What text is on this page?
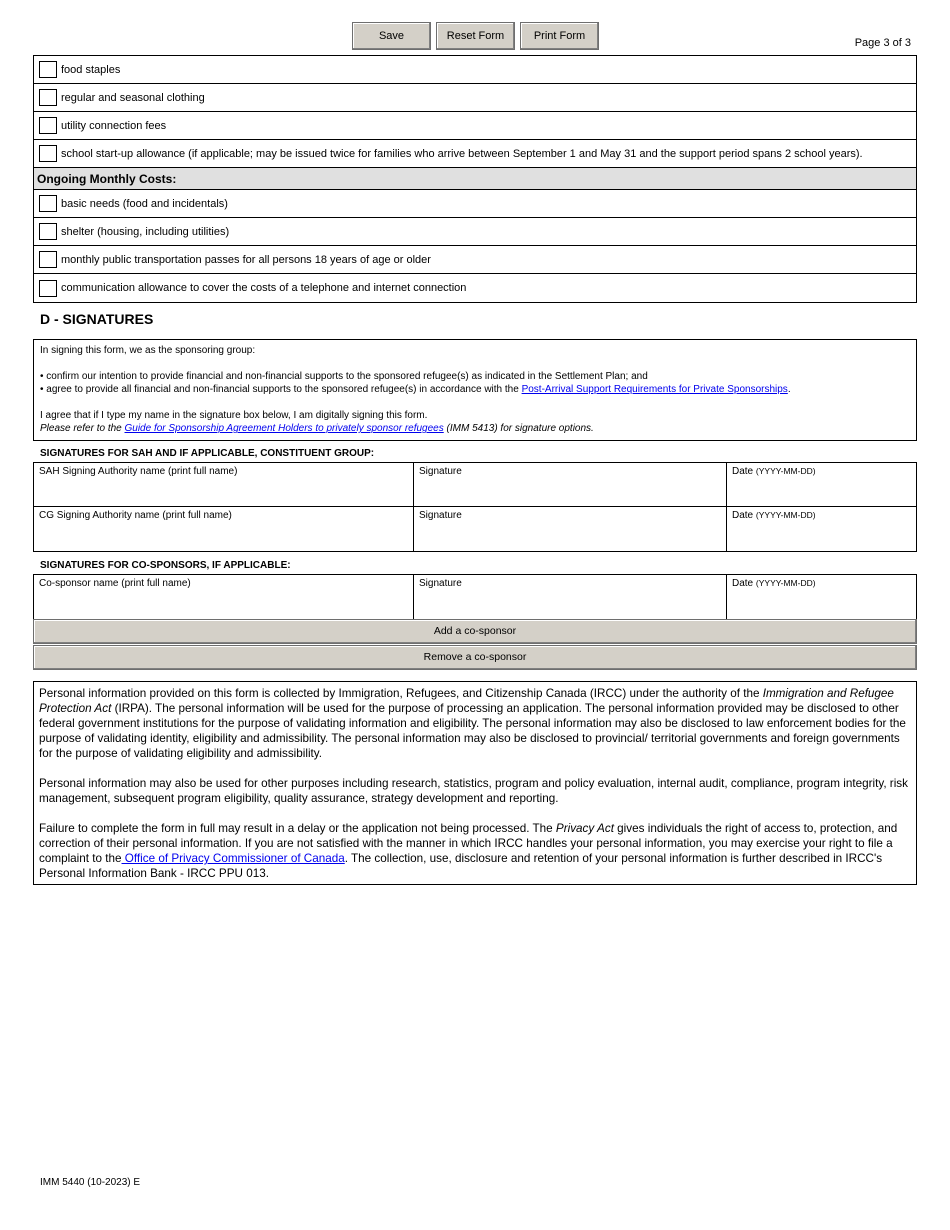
Save	Reset Form	Print Form
Page 3 of 3
food staples
regular and seasonal clothing
utility connection fees
school start-up allowance (if applicable; may be issued twice for families who arrive between September 1 and May 31 and the support period spans 2 school years).
Ongoing Monthly Costs:
basic needs (food and incidentals)
shelter (housing, including utilities)
monthly public transportation passes for all persons 18 years of age or older
communication allowance to cover the costs of a telephone and internet connection
D - SIGNATURES
In signing this form, we as the sponsoring group:
• confirm our intention to provide financial and non-financial supports to the sponsored refugee(s) as indicated in the Settlement Plan; and
• agree to provide all financial and non-financial supports to the sponsored refugee(s) in accordance with the Post-Arrival Support Requirements for Private Sponsorships.
I agree that if I type my name in the signature box below, I am digitally signing this form.
Please refer to the Guide for Sponsorship Agreement Holders to privately sponsor refugees (IMM 5413) for signature options.
SIGNATURES FOR SAH AND IF APPLICABLE, CONSTITUENT GROUP:
SAH Signing Authority name (print full name)	Signature	Date (YYYY-MM-DD)
CG Signing Authority name (print full name)	Signature	Date (YYYY-MM-DD)
SIGNATURES FOR CO-SPONSORS, IF APPLICABLE:
Co-sponsor name (print full name)	Signature	Date (YYYY-MM-DD)
Add a co-sponsor
Remove a co-sponsor
Personal information provided on this form is collected by Immigration, Refugees, and Citizenship Canada (IRCC) under the authority of the Immigration and Refugee Protection Act (IRPA). The personal information will be used for the purpose of processing an application. The personal information provided may be disclosed to other federal government institutions for the purpose of validating information and eligibility. The personal information may also be disclosed to law enforcement bodies for the purpose of validating identity, eligibility and admissibility. The personal information may also be disclosed to provincial/ territorial governments and foreign governments for the purpose of validating eligibility and admissibility.
Personal information may also be used for other purposes including research, statistics, program and policy evaluation, internal audit, compliance, program integrity, risk management, subsequent program eligibility, quality assurance, strategy development and reporting.
Failure to complete the form in full may result in a delay or the application not being processed. The Privacy Act gives individuals the right of access to, protection, and correction of their personal information. If you are not satisfied with the manner in which IRCC handles your personal information, you may exercise your right to file a complaint to the Office of Privacy Commissioner of Canada. The collection, use, disclosure and retention of your personal information is further described in IRCC's Personal Information Bank - IRCC PPU 013.
IMM 5440 (10-2023) E
